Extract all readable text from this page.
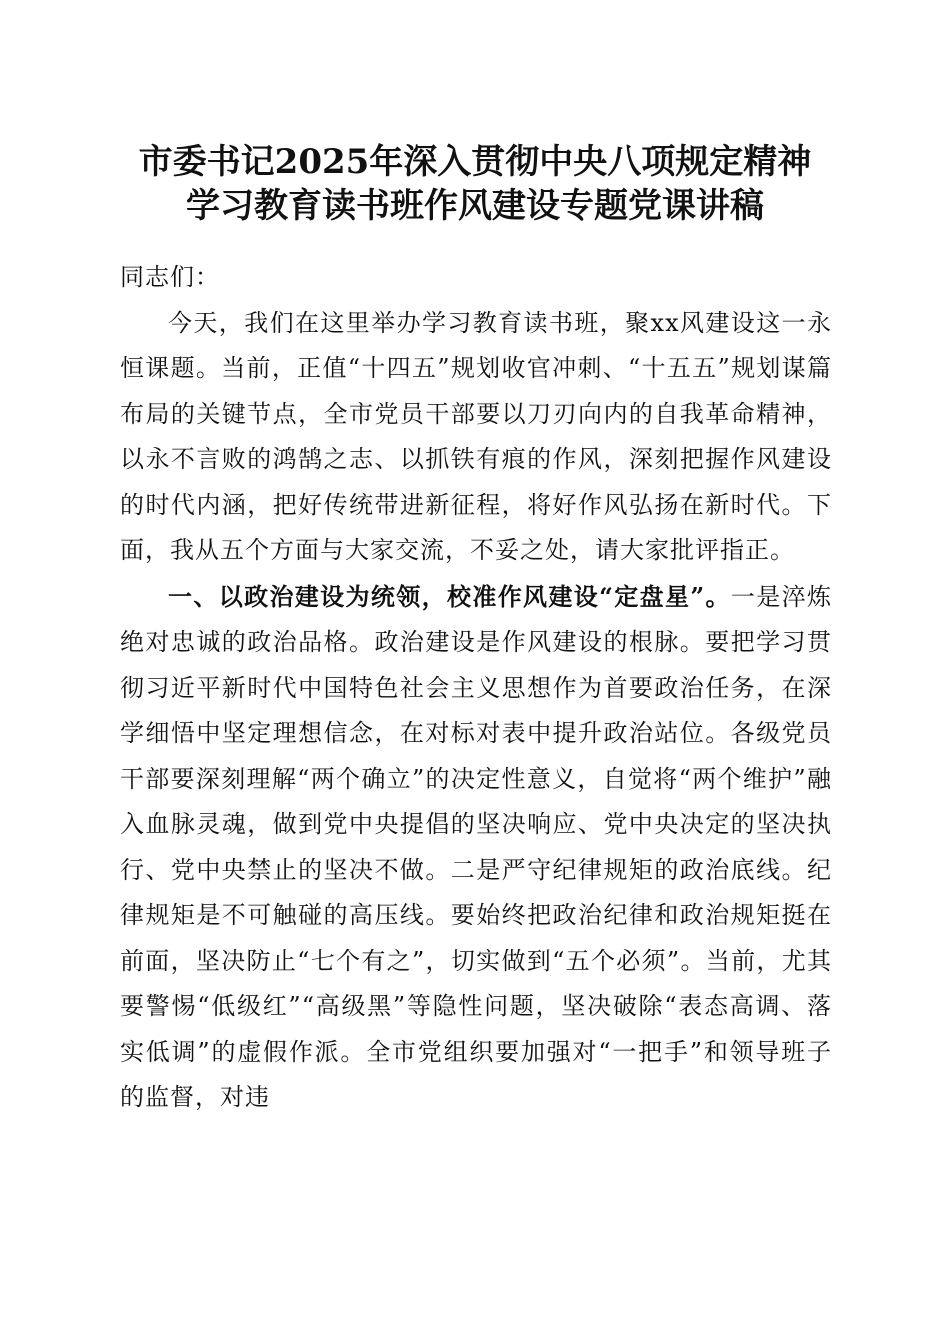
市委书记2025年深入贯彻中央八项规定精神
学习教育读书班作风建设专题党课讲稿

同志们：

今天，我们在这里举办学习教育读书班，聚xx风建设这一永恒课题。当前，正值“十四五”规划收官冲刺、“十五五”规划谋篇布局的关键节点，全市党员干部要以刀刃向内的自我革命精神，以永不言败的鸿鹄之志、以抓铁有痕的作风，深刻把握作风建设的时代内涵，把好传统带进新征程，将好作风弘扬在新时代。下面，我从五个方面与大家交流，不妥之处，请大家批评指正。

一、以政治建设为统领，校准作风建设“定盘星”。一是淬炼绝对忠诚的政治品格。政治建设是作风建设的根脉。要把学习贯彻习近平新时代中国特色社会主义思想作为首要政治任务，在深学细悟中坚定理想信念，在对标对表中提升政治站位。各级党员干部要深刻理解“两个确立”的决定性意义，自觉将“两个维护”融入血脉灵魂，做到党中央提倡的坚决响应、党中央决定的坚决执行、党中央禁止的坚决不做。二是严守纪律规矩的政治底线。纪律规矩是不可触碰的高压线。要始终把政治纪律和政治规矩挺在前面，坚决防止“七个有之”，切实做到“五个必须”。当前，尤其要警惕“低级红”“高级黑”等隐性问题，坚决破除“表态高调、落实低调”的虚假作派。全市党组织要加强对“一把手”和领导班子的监督，对违
